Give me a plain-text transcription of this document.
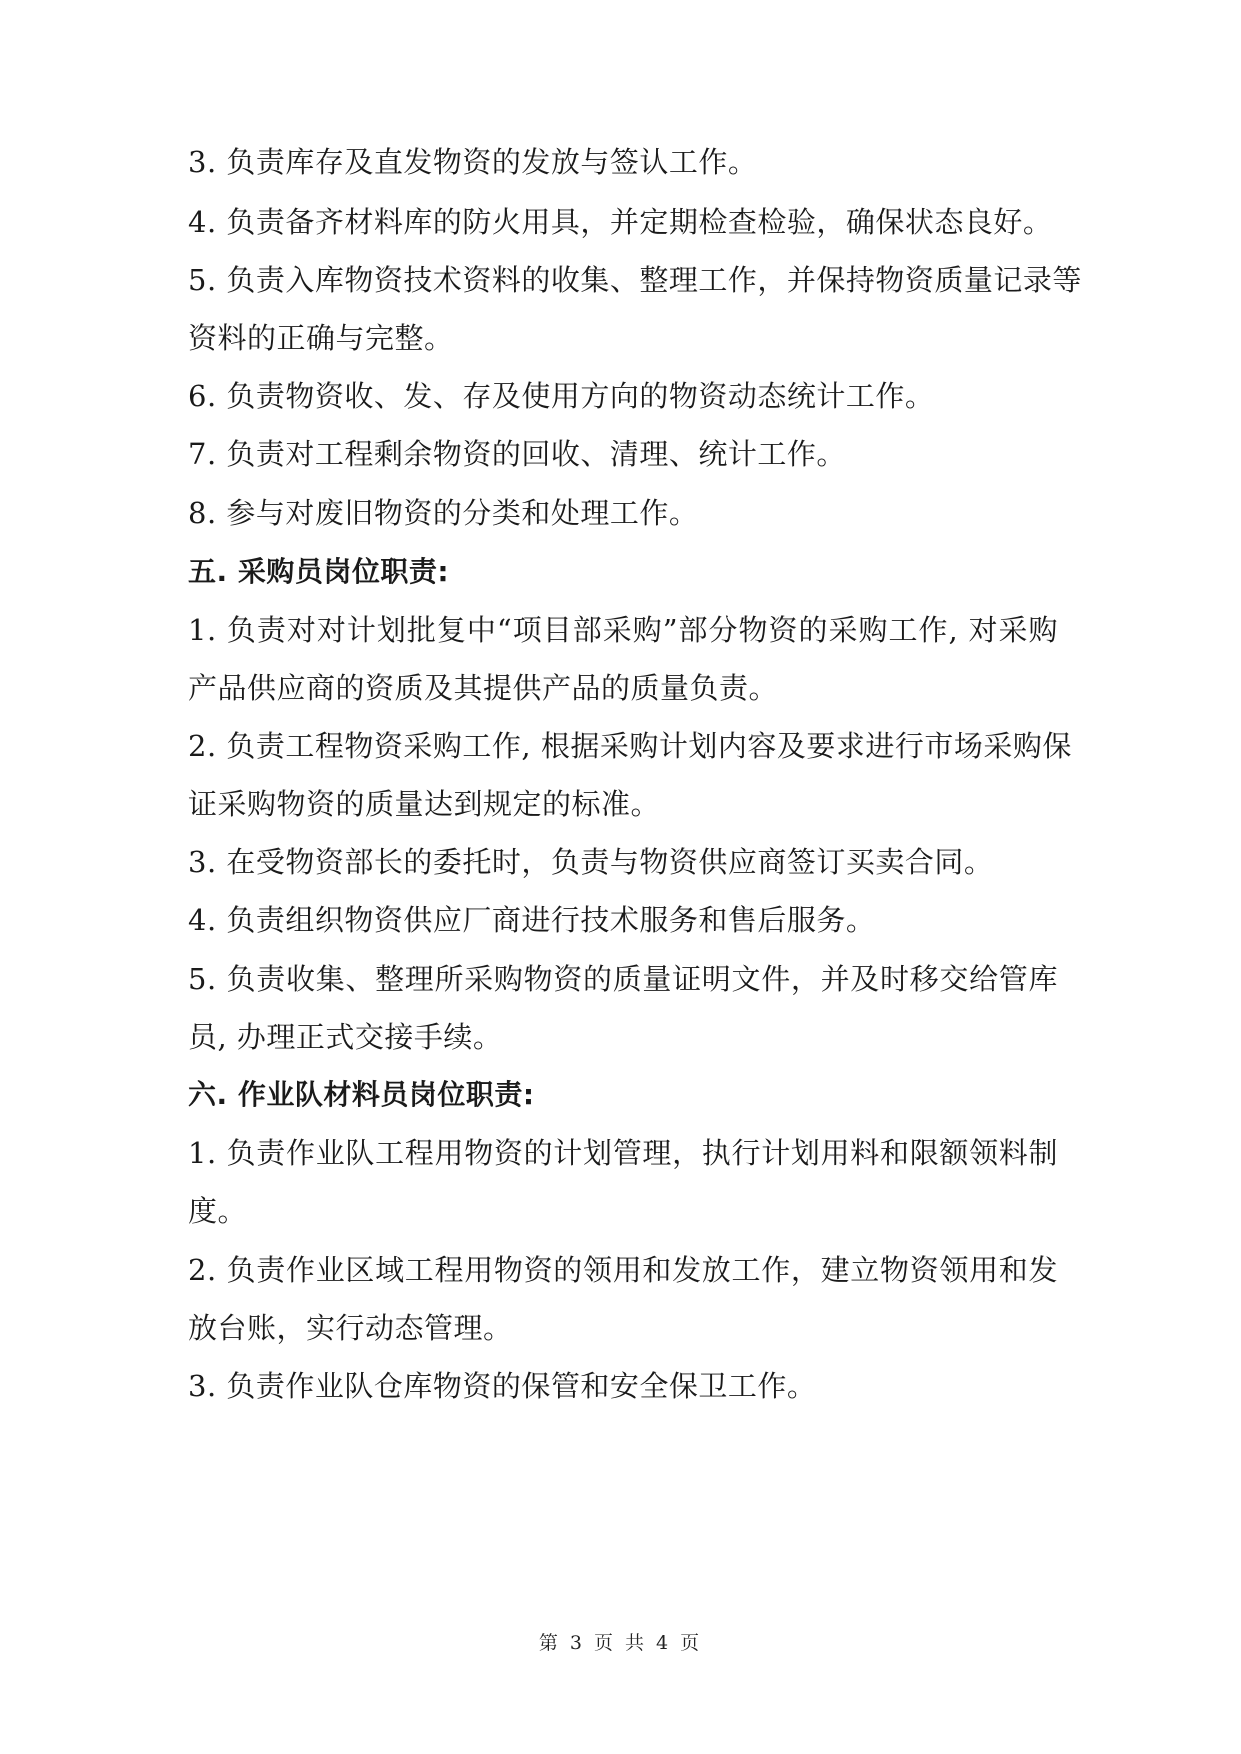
3. 负责库存及直发物资的发放与签认工作。
4. 负责备齐材料库的防火用具，并定期检查检验，确保状态良好。
5. 负责入库物资技术资料的收集、整理工作，并保持物资质量记录等
资料的正确与完整。
6. 负责物资收、发、存及使用方向的物资动态统计工作。
7. 负责对工程剩余物资的回收、清理、统计工作。
8. 参与对废旧物资的分类和处理工作。
五. 采购员岗位职责:
1. 负责对对计划批复中“项目部采购”部分物资的采购工作, 对采购
产品供应商的资质及其提供产品的质量负责。
2. 负责工程物资采购工作, 根据采购计划内容及要求进行市场采购保
证采购物资的质量达到规定的标准。
3. 在受物资部长的委托时，负责与物资供应商签订买卖合同。
4. 负责组织物资供应厂商进行技术服务和售后服务。
5. 负责收集、整理所采购物资的质量证明文件，并及时移交给管库
员, 办理正式交接手续。
六. 作业队材料员岗位职责:
1. 负责作业队工程用物资的计划管理，执行计划用料和限额领料制
度。
2. 负责作业区域工程用物资的领用和发放工作，建立物资领用和发
放台账，实行动态管理。
3. 负责作业队仓库物资的保管和安全保卫工作。
第 3 页 共 4 页
